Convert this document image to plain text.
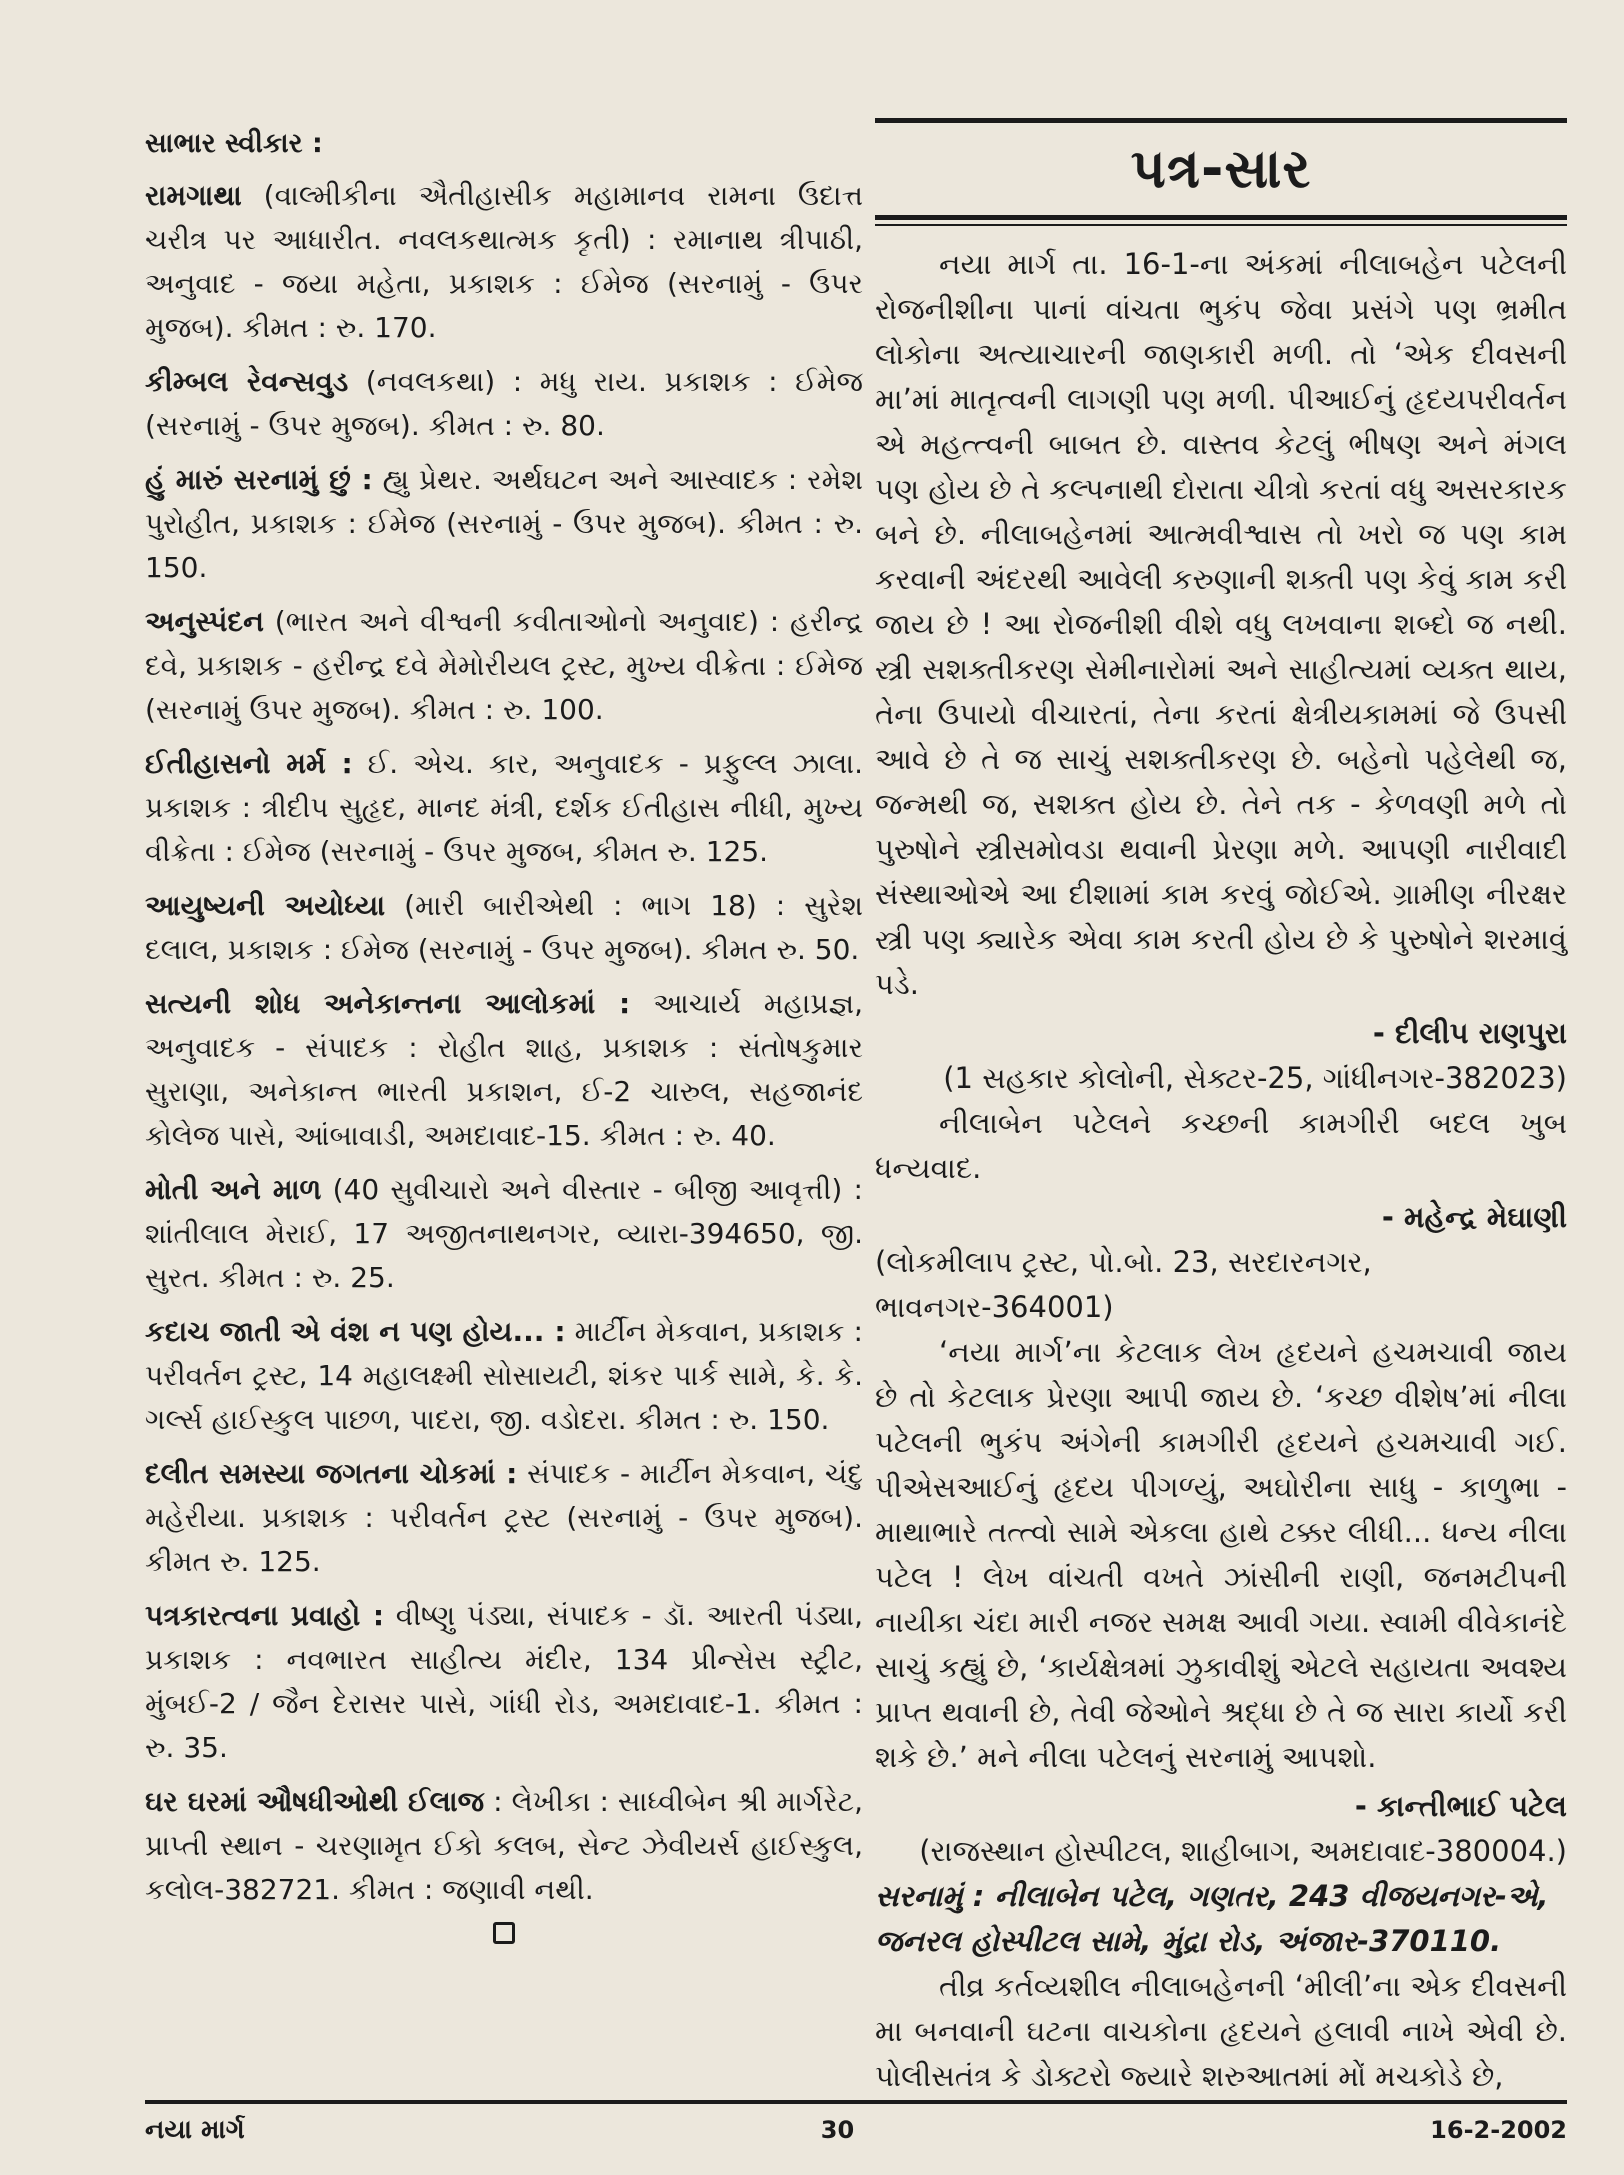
સાભાર સ્વીકાર :
રામગાથા (વાલ્મીકીના ઐતીહાસીક મહામાનવ રામના ઉદાત્ત ચરીત્ર પર આધારીત. નવલકથાત્મક કૃતી) : રમાનાથ ત્રીપાઠી, અનુવાદ - જયા મહેતા, પ્રકાશક : ઈમેજ (સરનામું - ઉપર મુજબ). કીમત : રુ. 170.
કીમ્બલ રેવન્સવુડ (નવલકથા) : મધુ રાય. પ્રકાશક : ઈમેજ (સરનામું - ઉપર મુજબ). કીમત : રુ. 80.
હું મારું સરનામું છું : હ્યુ પ્રેથર. અર્થઘટન અને આસ્વાદક : રમેશ પુરોહીત, પ્રકાશક : ઈમેજ (સરનામું - ઉપર મુજબ). કીમત : રુ. 150.
અનુસ્પંદન (ભારત અને વીશ્વની કવીતાઓનો અનુવાદ) : હરીન્દ્ર દવે, પ્રકાશક - હરીન્દ્ર દવે મેમોરીયલ ટ્રસ્ટ, મુખ્ય વીક્રેતા : ઈમેજ (સરનામું ઉપર મુજબ). કીમત : રુ. 100.
ઈતીહાસનો મર્મ : ઈ. એચ. કાર, અનુવાદક - પ્રફુલ્લ ઝાલા. પ્રકાશક : ત્રીદીપ સુહૃદ, માનદ મંત્રી, દર્શક ઈતીહાસ નીધી, મુખ્ય વીક્રેતા : ઈમેજ (સરનામું - ઉપર મુજબ, કીમત રુ. 125.
આયુષ્યની અયોધ્યા (મારી બારીએથી : ભાગ 18) : સુરેશ દલાલ, પ્રકાશક : ઈમેજ (સરનામું - ઉપર મુજબ). કીમત રુ. 50.
સત્યની શોધ અનેકાન્તના આલોકમાં : આચાર્ય મહાપ્રજ્ઞ, અનુવાદક - સંપાદક : રોહીત શાહ, પ્રકાશક : સંતોષકુમાર સુરાણા, અનેકાન્ત ભારતી પ્રકાશન, ઈ-2 ચારુલ, સહજાનંદ કોલેજ પાસે, આંબાવાડી, અમદાવાદ-15. કીમત : રુ. 40.
મોતી અને માળ (40 સુવીચારો અને વીસ્તાર - બીજી આવૃત્તી) : શાંતીલાલ મેરાઈ, 17 અજીતનાથનગર, વ્યારા-394650, જી. સુરત. કીમત : રુ. 25.
કદાચ જાતી એ વંશ ન પણ હોય... : માર્ટીન મેકવાન, પ્રકાશક : પરીવર્તન ટ્રસ્ટ, 14 મહાલક્ષ્મી સોસાયટી, શંકર પાર્ક સામે, કે. કે. ગર્લ્સ હાઈસ્કુલ પાછળ, પાદરા, જી. વડોદરા. કીમત : રુ. 150.
દલીત સમસ્યા જગતના ચોકમાં : સંપાદક - માર્ટીન મેકવાન, ચંદુ મહેરીયા. પ્રકાશક : પરીવર્તન ટ્રસ્ટ (સરનામું - ઉપર મુજબ). કીમત રુ. 125.
પત્રકારત્વના પ્રવાહો : વીષ્ણુ પંડ્યા, સંપાદક - ડૉ. આરતી પંડ્યા, પ્રકાશક : નવભારત સાહીત્ય મંદીર, 134 પ્રીન્સેસ સ્ટ્રીટ, મુંબઈ-2 / જૈન દેરાસર પાસે, ગાંધી રોડ, અમદાવાદ-1. કીમત : રુ. 35.
ઘર ઘરમાં ઔષધીઓથી ઈલાજ : લેખીકા : સાધ્વીબેન શ્રી માર્ગરેટ, પ્રાપ્તી સ્થાન - ચરણામૃત ઈકો કલબ, સેન્ટ ઝેવીયર્સ હાઈસ્કુલ, કલોલ-382721. કીમત : જણાવી નથી.
પત્ર-સાર

નયા માર્ગ તા. 16-1-ના અંકમાં નીલાબહેન પટેલની રોજનીશીના પાનાં વાંચતા ભુકંપ જેવા પ્રસંગે પણ ભ્રમીત લોકોના અત્યાચારની જાણકારી મળી. તો ‘એક દીવસની મા’માં માતૃત્વની લાગણી પણ મળી. પીઆઈનું હૃદયપરીવર્તન એ મહત્ત્વની બાબત છે. વાસ્તવ કેટલું ભીષણ અને મંગલ પણ હોય છે તે કલ્પનાથી દોરાતા ચીત્રો કરતાં વધુ અસરકારક બને છે. નીલાબહેનમાં આત્મવીશ્વાસ તો ખરો જ પણ કામ કરવાની અંદરથી આવેલી કરુણાની શક્તી પણ કેવું કામ કરી જાય છે ! આ રોજનીશી વીશે વધુ લખવાના શબ્દો જ નથી. સ્ત્રી સશક્તીકરણ સેમીનારોમાં અને સાહીત્યમાં વ્યક્ત થાય, તેના ઉપાયો વીચારતાં, તેના કરતાં ક્ષેત્રીયકામમાં જે ઉપસી આવે છે તે જ સાચું સશક્તીકરણ છે. બહેનો પહેલેથી જ, જન્મથી જ, સશક્ત હોય છે. તેને તક - કેળવણી મળે તો પુરુષોને સ્ત્રીસમોવડા થવાની પ્રેરણા મળે. આપણી નારીવાદી સંસ્થાઓએ આ દીશામાં કામ કરવું જોઈએ. ગ્રામીણ નીરક્ષર સ્ત્રી પણ ક્યારેક એવા કામ કરતી હોય છે કે પુરુષોને શરમાવું પડે.

- દીલીપ રાણપુરા

(1 સહકાર કોલોની, સેક્ટર-25, ગાંધીનગર-382023)

નીલાબેન પટેલને કચ્છની કામગીરી બદલ ખુબ ધન્યવાદ.

- મહેન્દ્ર મેઘાણી

(લોકમીલાપ ટ્રસ્ટ, પો.બો. 23, સરદારનગર, ભાવનગર-364001)

‘નયા માર્ગ’ના કેટલાક લેખ હૃદયને હચમચાવી જાય છે તો કેટલાક પ્રેરણા આપી જાય છે. ‘કચ્છ વીશેષ’માં નીલા પટેલની ભુકંપ અંગેની કામગીરી હૃદયને હચમચાવી ગઈ. પીએસઆઈનું હૃદય પીગળ્યું, અઘોરીના સાધુ - કાળુભા - માથાભારે તત્ત્વો સામે એકલા હાથે ટક્કર લીધી... ધન્ય નીલા પટેલ ! લેખ વાંચતી વખતે ઝાંસીની રાણી, જનમટીપની નાયીકા ચંદા મારી નજર સમક્ષ આવી ગયા. સ્વામી વીવેકાનંદે સાચું કહ્યું છે, ‘કાર્યક્ષેત્રમાં ઝુકાવીશું એટલે સહાયતા અવશ્ય પ્રાપ્ત થવાની છે, તેવી જેઓને શ્રદ્ધા છે તે જ સારા કાર્યો કરી શકે છે.’ મને નીલા પટેલનું સરનામું આપશો.

- કાન્તીભાઈ પટેલ

(રાજસ્થાન હોસ્પીટલ, શાહીબાગ, અમદાવાદ-380004.)

સરનામું : નીલાબેન પટેલ, ગણતર, 243 વીજયનગર-એ, જનરલ હોસ્પીટલ સામે, મુંદ્રા રોડ, અંજાર-370110.

તીવ્ર કર્તવ્યશીલ નીલાબહેનની ‘મીલી’ના એક દીવસની મા બનવાની ઘટના વાચકોના હૃદયને હલાવી નાખે એવી છે. પોલીસતંત્ર કે ડોક્ટરો જ્યારે શરુઆતમાં મોં મચકોડે છે,

નયા માર્ગ	30	16-2-2002
